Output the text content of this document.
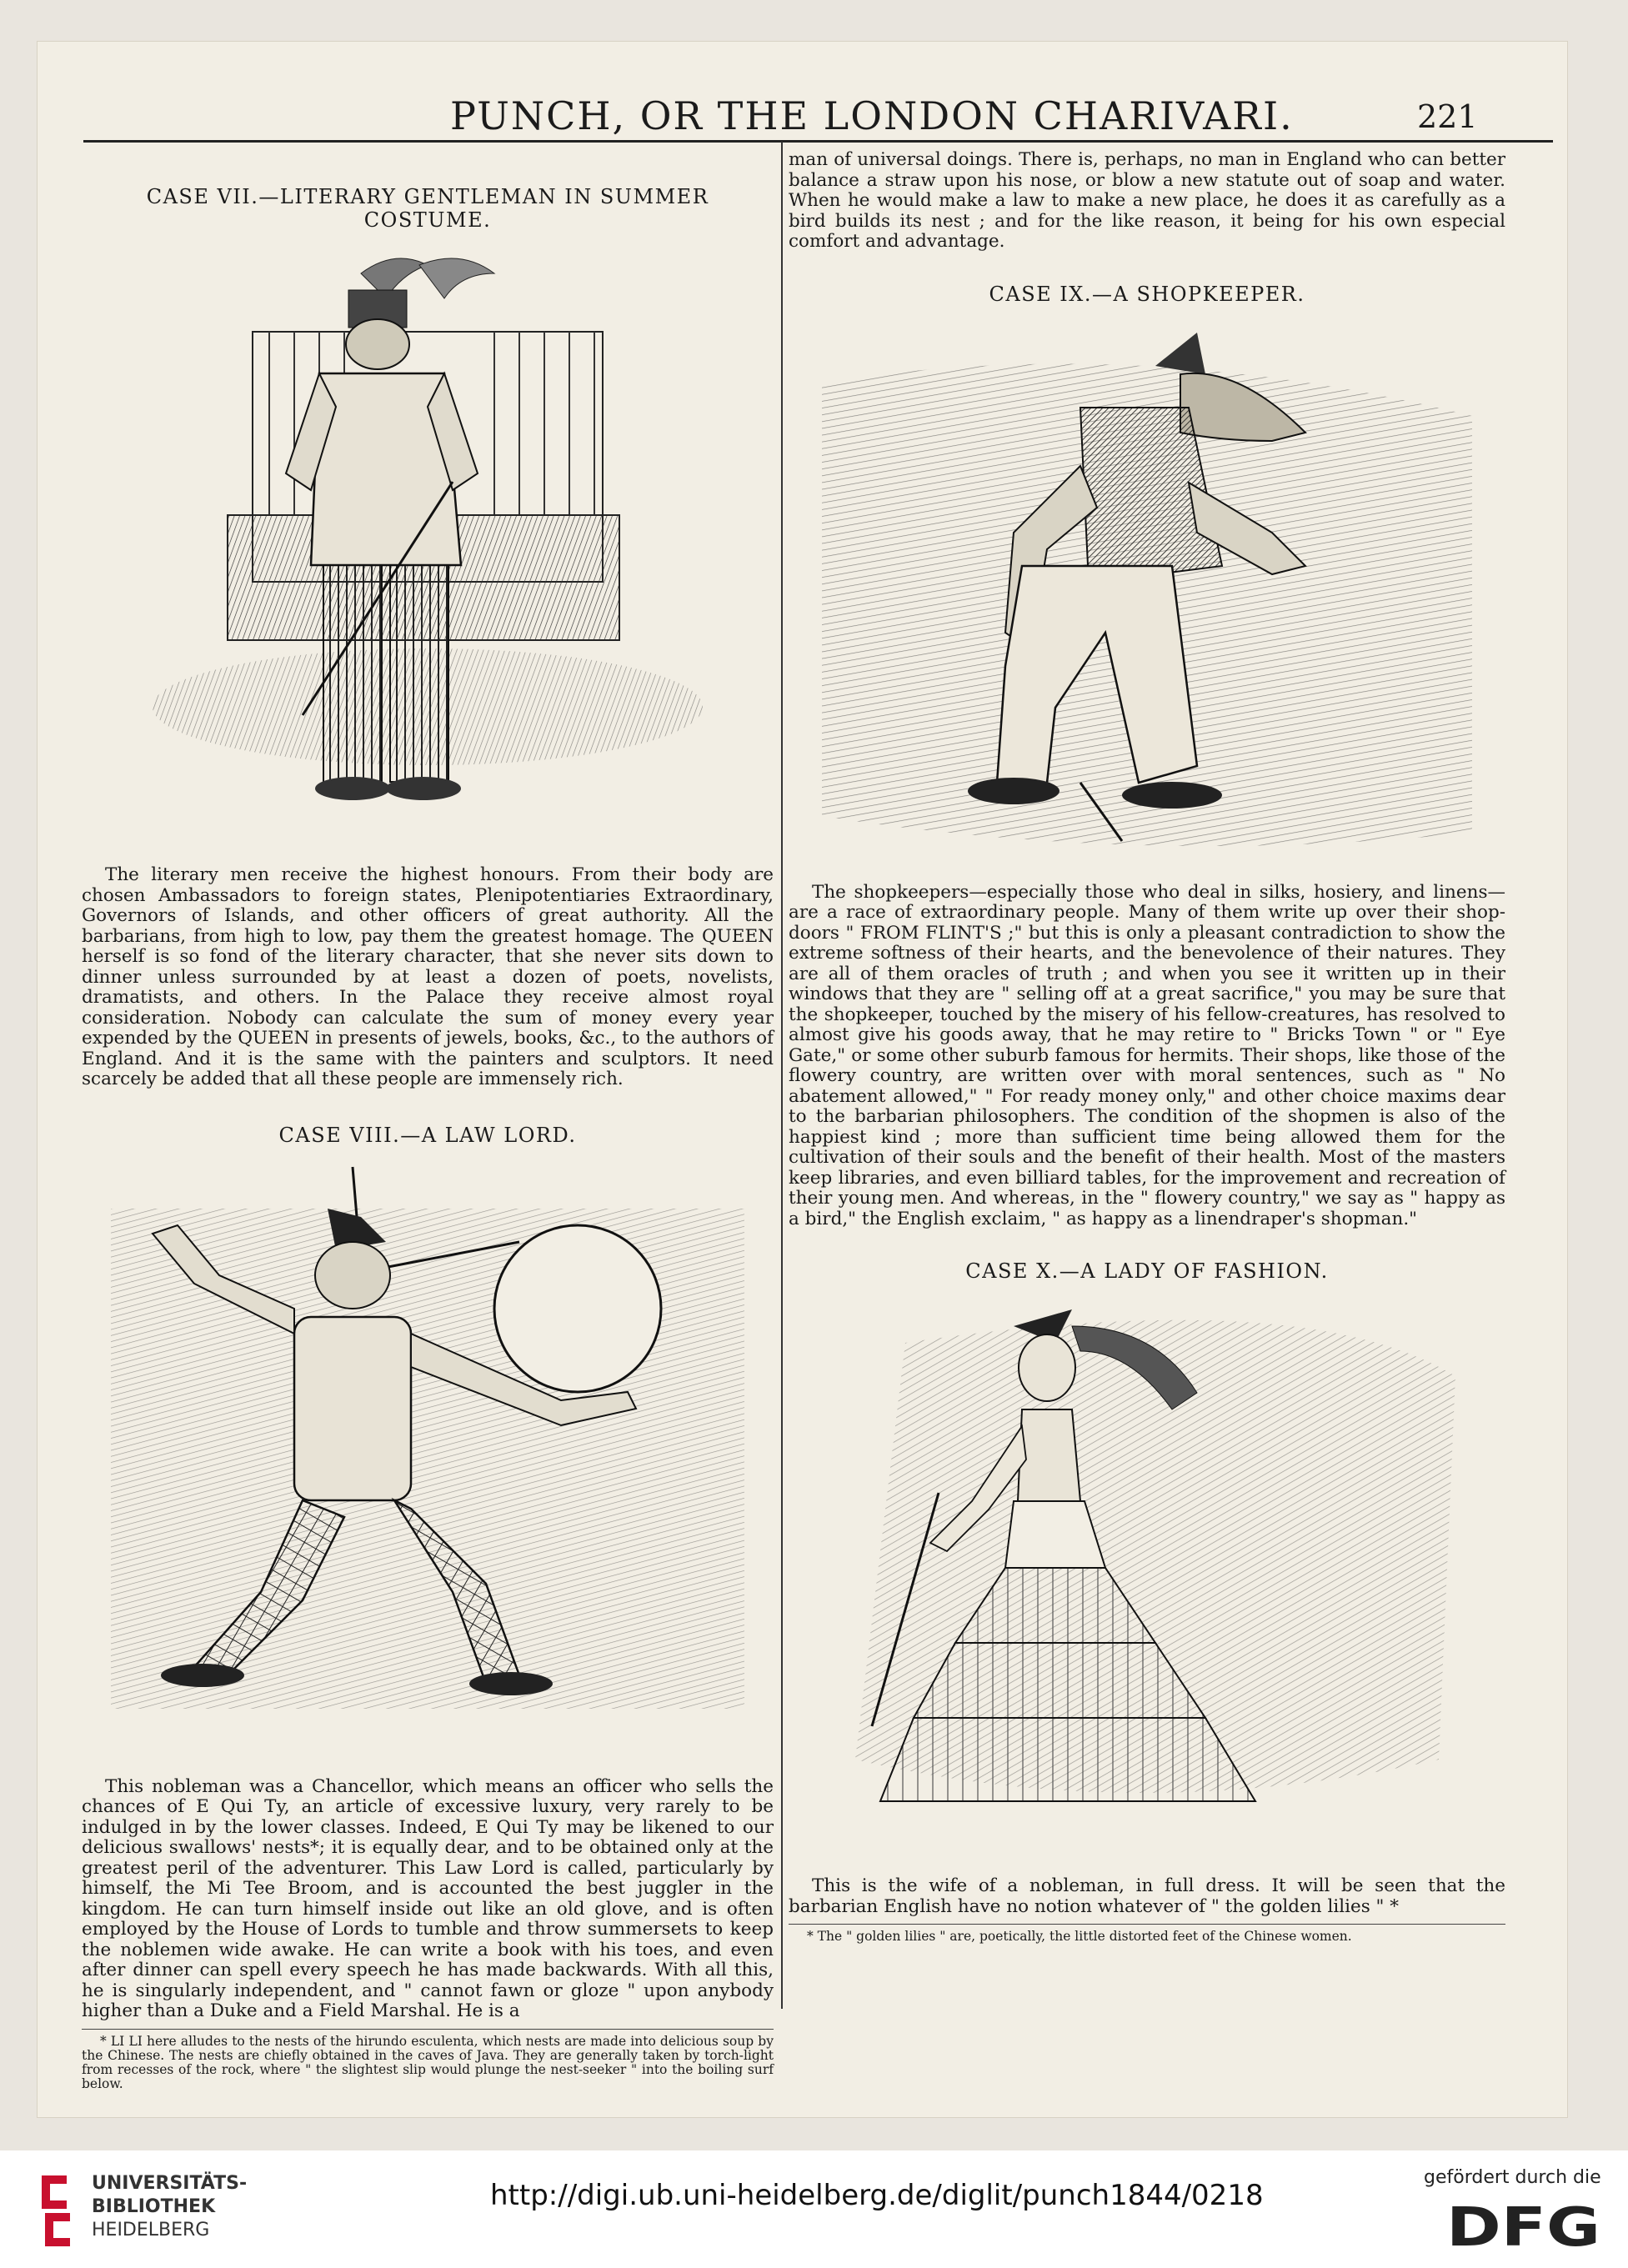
PUNCH, OR THE LONDON CHARIVARI.	221
CASE VII.—LITERARY GENTLEMAN IN SUMMER COSTUME.

The literary men receive the highest honours. From their body are chosen Ambassadors to foreign states, Plenipotentiaries Extraordinary, Governors of Islands, and other officers of great authority. All the barbarians, from high to low, pay them the greatest homage. The QUEEN herself is so fond of the literary character, that she never sits down to dinner unless surrounded by at least a dozen of poets, novelists, dramatists, and others. In the Palace they receive almost royal consideration. Nobody can calculate the sum of money every year expended by the QUEEN in presents of jewels, books, &c., to the authors of England. And it is the same with the painters and sculptors. It need scarcely be added that all these people are immensely rich.

CASE VIII.—A LAW LORD.

This nobleman was a Chancellor, which means an officer who sells the chances of E Qui Ty, an article of excessive luxury, very rarely to be indulged in by the lower classes. Indeed, E Qui Ty may be likened to our delicious swallows' nests*; it is equally dear, and to be obtained only at the greatest peril of the adventurer. This Law Lord is called, particularly by himself, the Mi Tee Broom, and is accounted the best juggler in the kingdom. He can turn himself inside out like an old glove, and is often employed by the House of Lords to tumble and throw summersets to keep the noblemen wide awake. He can write a book with his toes, and even after dinner can spell every speech he has made backwards. With all this, he is singularly independent, and " cannot fawn or gloze " upon anybody higher than a Duke and a Field Marshal. He is a

* LI LI here alludes to the nests of the hirundo esculenta, which nests are made into delicious soup by the Chinese. The nests are chiefly obtained in the caves of Java. They are generally taken by torch-light from recesses of the rock, where " the slightest slip would plunge the nest-seeker " into the boiling surf below.

man of universal doings. There is, perhaps, no man in England who can better balance a straw upon his nose, or blow a new statute out of soap and water. When he would make a law to make a new place, he does it as carefully as a bird builds its nest ; and for the like reason, it being for his own especial comfort and advantage.

CASE IX.—A SHOPKEEPER.

The shopkeepers—especially those who deal in silks, hosiery, and linens—are a race of extraordinary people. Many of them write up over their shop-doors " FROM FLINT'S ;" but this is only a pleasant contradiction to show the extreme softness of their hearts, and the benevolence of their natures. They are all of them oracles of truth ; and when you see it written up in their windows that they are " selling off at a great sacrifice," you may be sure that the shopkeeper, touched by the misery of his fellow-creatures, has resolved to almost give his goods away, that he may retire to " Bricks Town " or " Eye Gate," or some other suburb famous for hermits. Their shops, like those of the flowery country, are written over with moral sentences, such as " No abatement allowed," " For ready money only," and other choice maxims dear to the barbarian philosophers. The condition of the shopmen is also of the happiest kind ; more than sufficient time being allowed them for the cultivation of their souls and the benefit of their health. Most of the masters keep libraries, and even billiard tables, for the improvement and recreation of their young men. And whereas, in the " flowery country," we say as " happy as a bird," the English exclaim, " as happy as a linendraper's shopman."

CASE X.—A LADY OF FASHION.

This is the wife of a nobleman, in full dress. It will be seen that the barbarian English have no notion whatever of " the golden lilies " *

* The " golden lilies " are, poetically, the little distorted feet of the Chinese women.

UNIVERSITÄTS-
BIBLIOTHEK
HEIDELBERG
http://digi.ub.uni-heidelberg.de/diglit/punch1844/0218
gefördert durch die
DFG
